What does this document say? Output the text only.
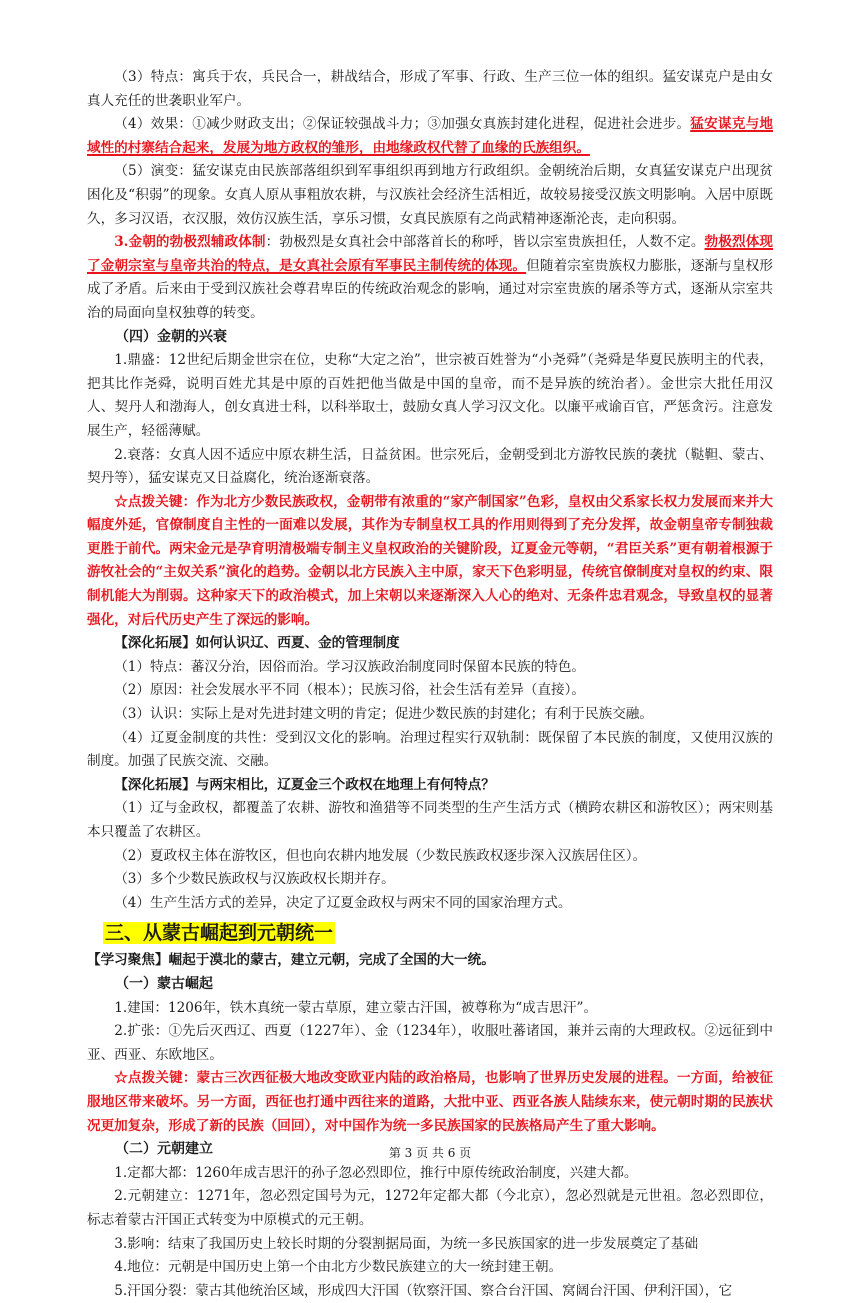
（3）特点：寓兵于农，兵民合一，耕战结合，形成了军事、行政、生产三位一体的组织。猛安谋克户是由女真人充任的世袭职业军户。

（4）效果：①减少财政支出；②保证较强战斗力；③加强女真族封建化进程，促进社会进步。猛安谋克与地域性的村寨结合起来，发展为地方政权的雏形，由地缘政权代替了血缘的氏族组织。

（5）演变：猛安谋克由民族部落组织到军事组织再到地方行政组织。金朝统治后期，女真猛安谋克户出现贫困化及“积弱”的现象。女真人原从事粗放农耕，与汉族社会经济生活相近，故较易接受汉族文明影响。入居中原既久，多习汉语，衣汉服，效仿汉族生活，享乐习惯，女真民族原有之尚武精神逐渐沦丧，走向积弱。

3.金朝的勃极烈辅政体制：勃极烈是女真社会中部落首长的称呼，皆以宗室贵族担任，人数不定。勃极烈体现了金朝宗室与皇帝共治的特点，是女真社会原有军事民主制传统的体现。但随着宗室贵族权力膨胀，逐渐与皇权形成了矛盾。后来由于受到汉族社会尊君卑臣的传统政治观念的影响，通过对宗室贵族的屠杀等方式，逐渐从宗室共治的局面向皇权独尊的转变。

（四）金朝的兴衰

1.鼎盛：12世纪后期金世宗在位，史称“大定之治”，世宗被百姓誉为“小尧舜”（尧舜是华夏民族明主的代表，把其比作尧舜，说明百姓尤其是中原的百姓把他当做是中国的皇帝，而不是异族的统治者）。金世宗大批任用汉人、契丹人和渤海人，创女真进士科，以科举取士，鼓励女真人学习汉文化。以廉平戒谕百官，严惩贪污。注意发展生产，轻徭薄赋。

2.衰落：女真人因不适应中原农耕生活，日益贫困。世宗死后，金朝受到北方游牧民族的袭扰（鞑靼、蒙古、契丹等），猛安谋克又日益腐化，统治逐渐衰落。

☆点拨关键：作为北方少数民族政权，金朝带有浓重的“家产制国家”色彩，皇权由父系家长权力发展而来并大幅度外延，官僚制度自主性的一面难以发展，其作为专制皇权工具的作用则得到了充分发挥，故金朝皇帝专制独裁更胜于前代。两宋金元是孕育明清极端专制主义皇权政治的关键阶段，辽夏金元等朝，“君臣关系”更有朝着根源于游牧社会的“主奴关系”演化的趋势。金朝以北方民族入主中原，家天下色彩明显，传统官僚制度对皇权的约束、限制机能大为削弱。这种家天下的政治模式，加上宋朝以来逐渐深入人心的绝对、无条件忠君观念，导致皇权的显著强化，对后代历史产生了深远的影响。

【深化拓展】如何认识辽、西夏、金的管理制度

（1）特点：蕃汉分治，因俗而治。学习汉族政治制度同时保留本民族的特色。

（2）原因：社会发展水平不同（根本）；民族习俗，社会生活有差异（直接）。

（3）认识：实际上是对先进封建文明的肯定；促进少数民族的封建化；有利于民族交融。

（4）辽夏金制度的共性：受到汉文化的影响。治理过程实行双轨制：既保留了本民族的制度，又使用汉族的制度。加强了民族交流、交融。

【深化拓展】与两宋相比，辽夏金三个政权在地理上有何特点？

（1）辽与金政权，都覆盖了农耕、游牧和渔猎等不同类型的生产生活方式（横跨农耕区和游牧区）；两宋则基本只覆盖了农耕区。

（2）夏政权主体在游牧区，但也向农耕内地发展（少数民族政权逐步深入汉族居住区）。

（3）多个少数民族政权与汉族政权长期并存。

（4）生产生活方式的差异，决定了辽夏金政权与两宋不同的国家治理方式。

三、从蒙古崛起到元朝统一

【学习聚焦】崛起于漠北的蒙古，建立元朝，完成了全国的大一统。

（一）蒙古崛起

1.建国：1206年，铁木真统一蒙古草原，建立蒙古汗国，被尊称为“成吉思汗”。

2.扩张：①先后灭西辽、西夏（1227年）、金（1234年），收服吐蕃诸国，兼并云南的大理政权。②远征到中亚、西亚、东欧地区。

☆点拨关键：蒙古三次西征极大地改变欧亚内陆的政治格局，也影响了世界历史发展的进程。一方面，给被征服地区带来破坏。另一方面，西征也打通中西往来的道路，大批中亚、西亚各族人陆续东来，使元朝时期的民族状况更加复杂，形成了新的民族（回回），对中国作为统一多民族国家的民族格局产生了重大影响。

（二）元朝建立

1.定都大都：1260年成吉思汗的孙子忽必烈即位，推行中原传统政治制度，兴建大都。

2.元朝建立：1271年，忽必烈定国号为元，1272年定都大都（今北京），忽必烈就是元世祖。忽必烈即位，标志着蒙古汗国正式转变为中原模式的元王朝。

3.影响：结束了我国历史上较长时期的分裂割据局面，为统一多民族国家的进一步发展奠定了基础

4.地位：元朝是中国历史上第一个由北方少数民族建立的大一统封建王朝。

5.汗国分裂：蒙古其他统治区域，形成四大汗国（钦察汗国、察合台汗国、窝阔台汗国、伊利汗国），它

第 3 页 共 6 页
